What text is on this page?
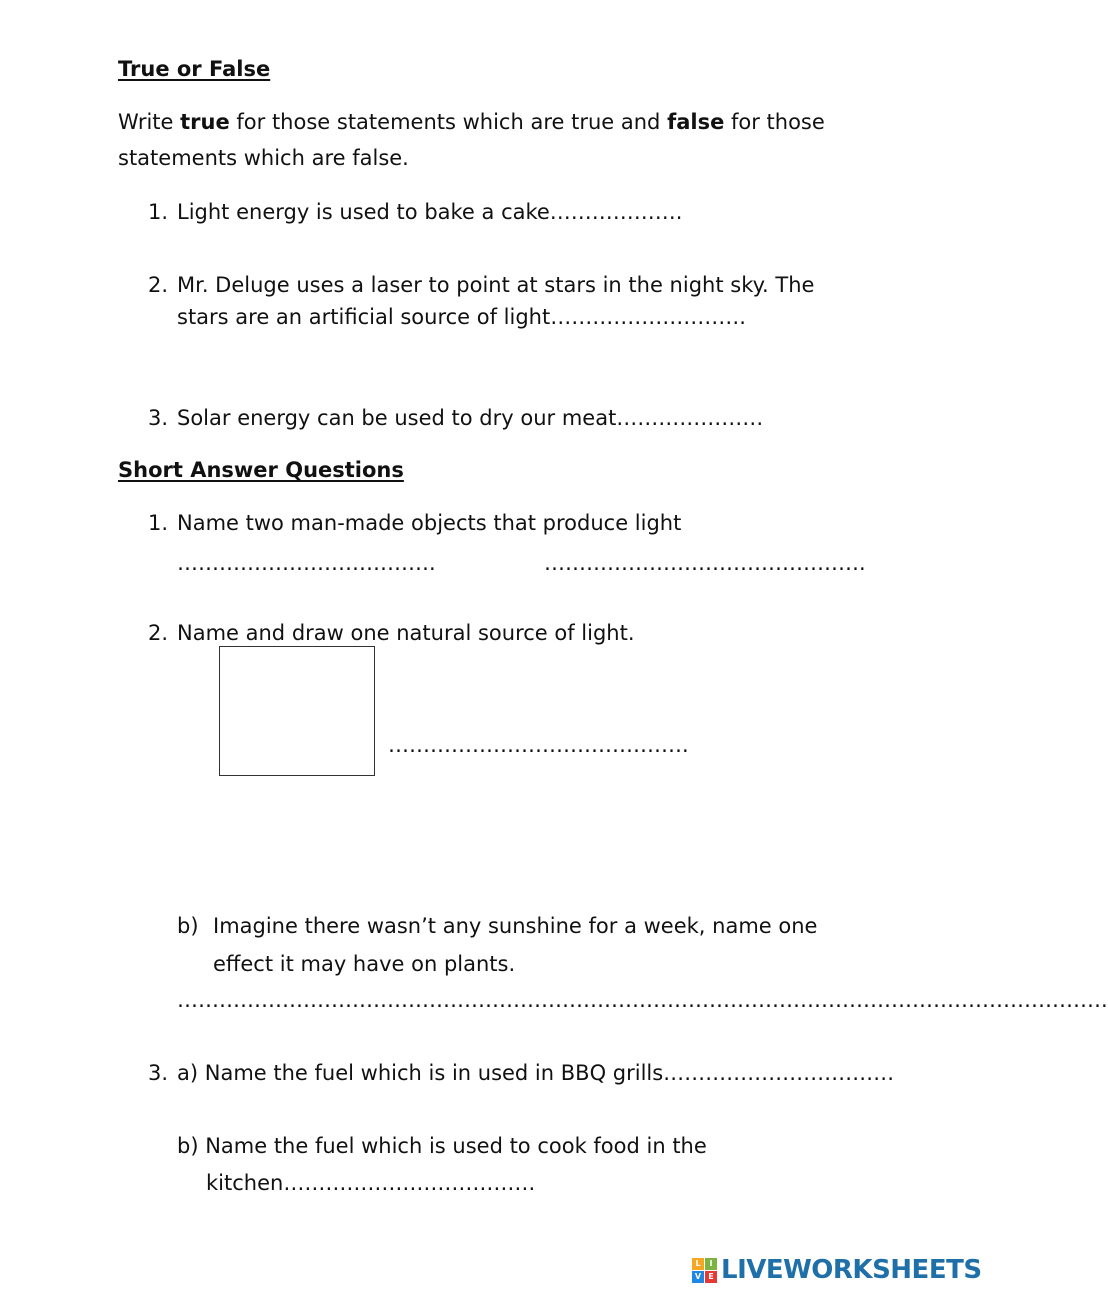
True or False
Write true for those statements which are true and false for those
statements which are false.
1. Light energy is used to bake a cake……………….
2. Mr. Deluge uses a laser to point at stars in the night sky. The
stars are an artificial source of light……………………….
3. Solar energy can be used to dry our meat…………………
Short Answer Questions
1. Name two man-made objects that produce light
……………………………….	……………………………………….
2. Name and draw one natural source of light.
…………………………………….
b) Imagine there wasn’t any sunshine for a week, name one
effect it may have on plants.
…………………………………………………………………………………………………………………….
3. a) Name the fuel which is in used in BBQ grills……………………………
b) Name the fuel which is used to cook food in the
kitchen………………………………
L	I
V E LIVEWORKSHEETS
